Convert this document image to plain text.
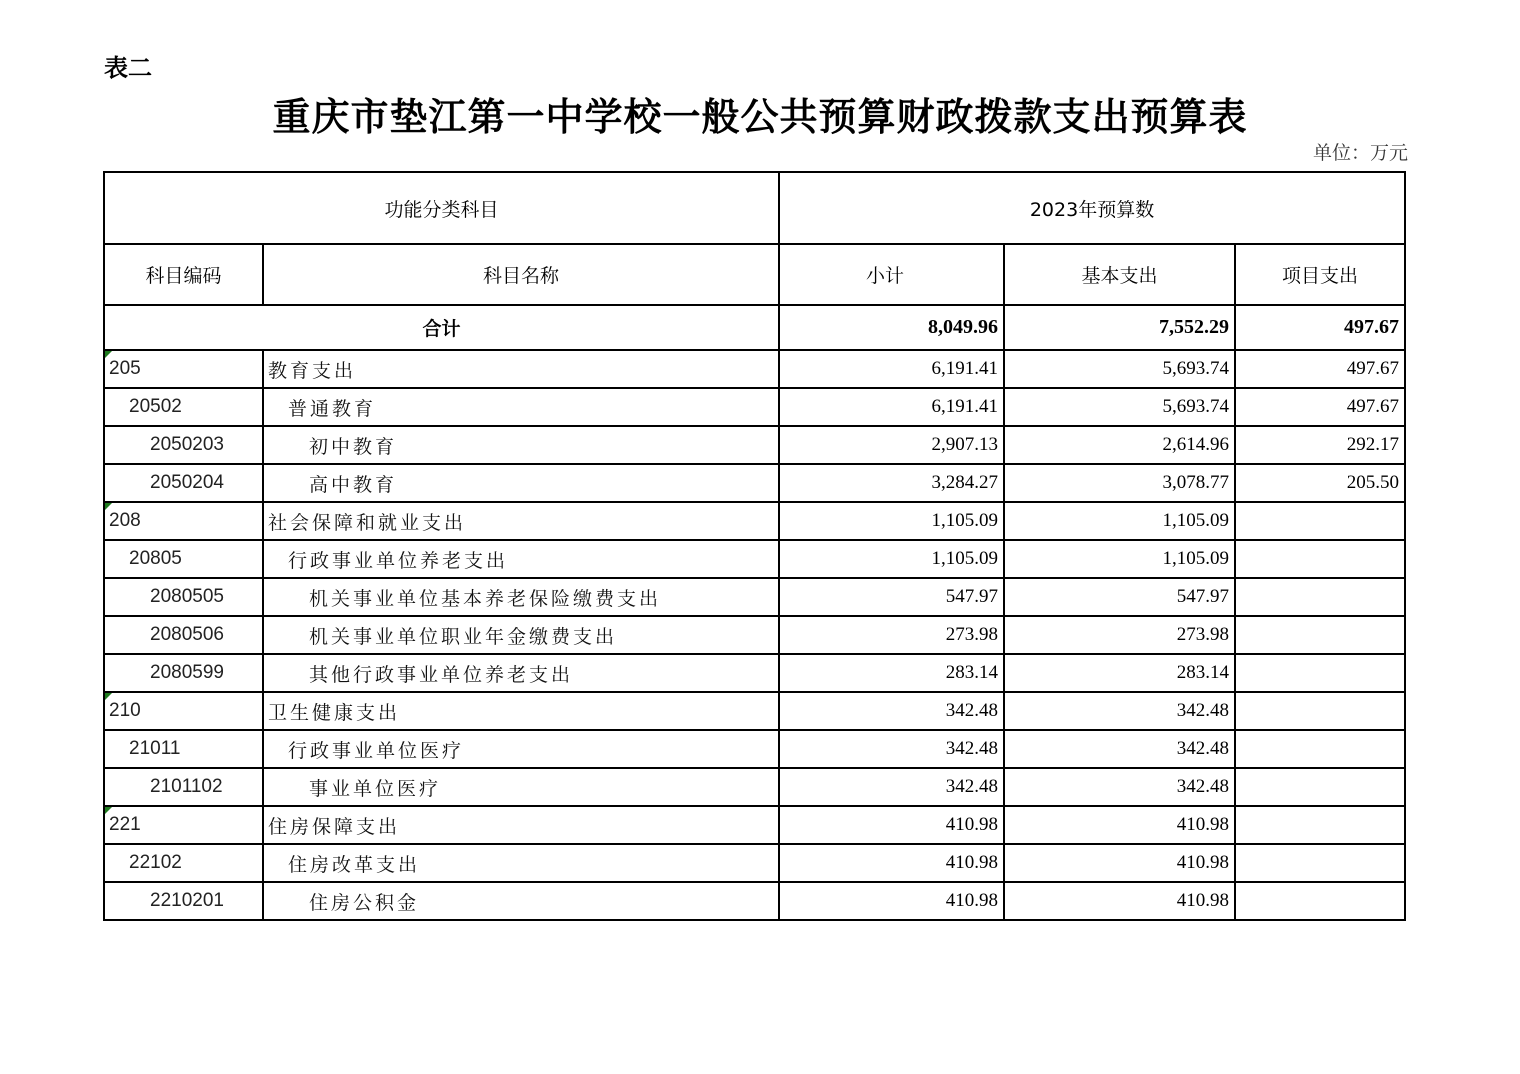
表二
重庆市垫江第一中学校一般公共预算财政拨款支出预算表
单位：万元
功能分类科目		2023年预算数		
科目编码	科目名称	小计	基本支出	项目支出
合计		8,049.96	7,552.29	497.67

205	教育支出	6,191.41	5,693.74	497.67
20502	普通教育	6,191.41	5,693.74	497.67
2050203	初中教育	2,907.13	2,614.96	292.17
2050204	高中教育	3,284.27	3,078.77	205.50

208	社会保障和就业支出	1,105.09	1,105.09	
20805	行政事业单位养老支出	1,105.09	1,105.09	
2080505	机关事业单位基本养老保险缴费支出	547.97	547.97	
2080506	机关事业单位职业年金缴费支出	273.98	273.98	
2080599	其他行政事业单位养老支出	283.14	283.14	

210	卫生健康支出	342.48	342.48	
21011	行政事业单位医疗	342.48	342.48	
2101102	事业单位医疗	342.48	342.48	

221	住房保障支出	410.98	410.98	
22102	住房改革支出	410.98	410.98	
2210201	住房公积金	410.98	410.98	
